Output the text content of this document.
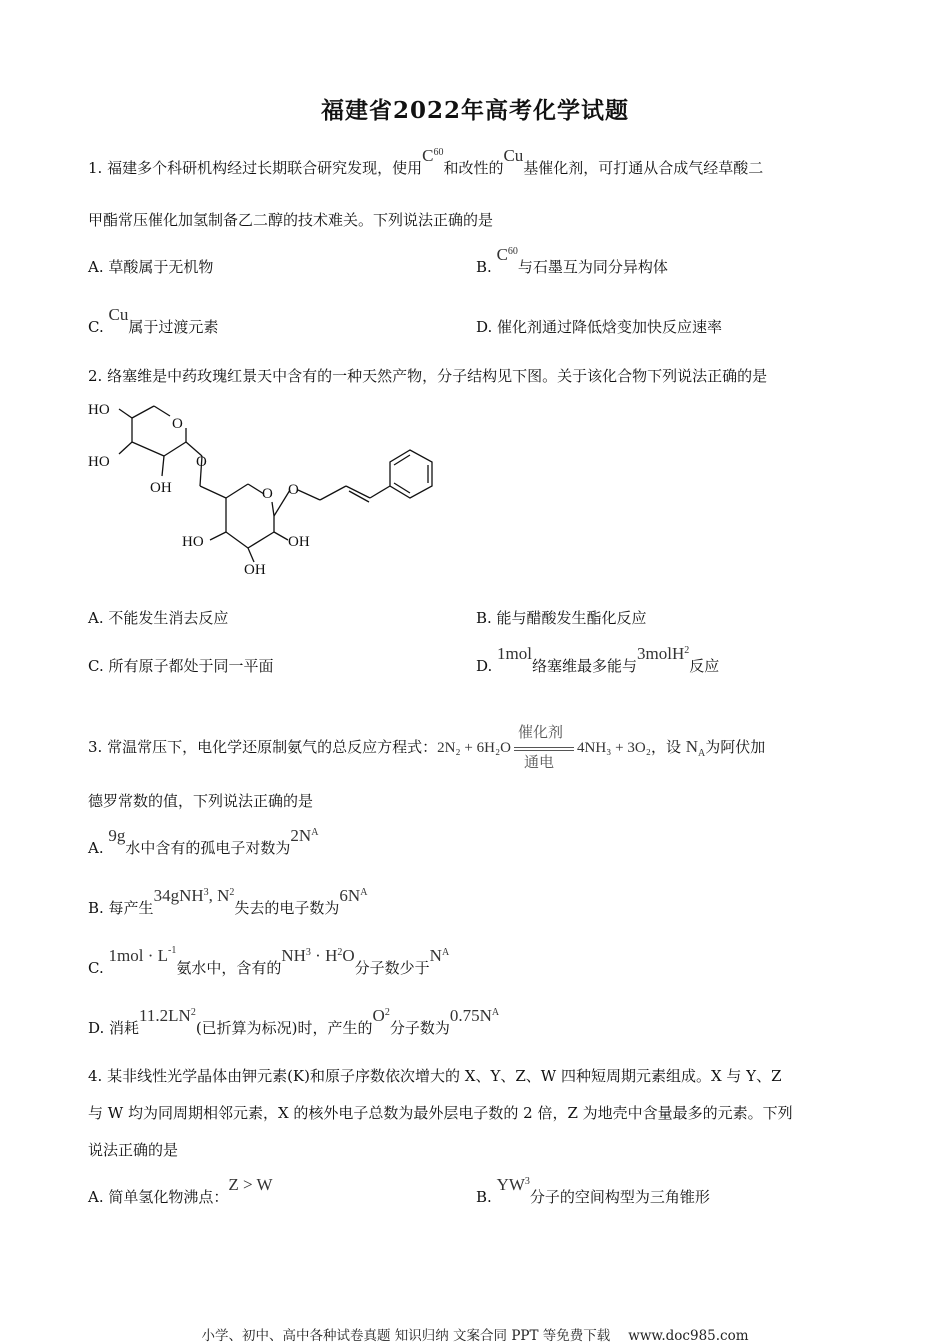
福建省2022年高考化学试题
1. 福建多个科研机构经过长期联合研究发现，使用$C^{60}$和改性的Cu基催化剂，可打通从合成气经草酸二
甲酯常压催化加氢制备乙二醇的技术难关。下列说法正确的是
A. 草酸属于无机物	B. $C^{60}$与石墨互为同分异构体
C. Cu属于过渡元素	D. 催化剂通过降低焓变加快反应速率
2. 络塞维是中药玫瑰红景天中含有的一种天然产物，分子结构见下图。关于该化合物下列说法正确的是
HO
HO
OH
O
O
O O
HO	OH
OH
A. 不能发生消去反应	B. 能与醋酸发生酯化反应
C. 所有原子都处于同一平面	D. 1mol络塞维最多能与3molH$^2$反应
3. 常温常压下，电化学还原制氨气的总反应方程式：2N₂ + 6H₂O
催化剂
通电
4NH₃ + 3O₂，设 $N_A$为阿伏加
德罗常数的值，下列说法正确的是
A. 9g水中含有的孤电子对数为$2N^A$
B. 每产生34gNH$^3$, $N^2$失去的电子数为$6N^A$
C. $1mol \cdot L^{-1}$氨水中，含有的$NH^3 \cdot H^2O$分子数少于$N^A$
D. 消耗$11.2LN^2$(已折算为标况)时，产生的$O^2$分子数为$0.75N^A$
4. 某非线性光学晶体由钾元素(K)和原子序数依次增大的 X、Y、Z、W 四种短周期元素组成。X 与 Y、Z
与 W 均为同周期相邻元素，X 的核外电子总数为最外层电子数的 2 倍，Z 为地壳中含量最多的元素。下列
说法正确的是
A. 简单氢化物沸点：Z > W
B. $YW^3$分子的空间构型为三角锥形
小学、初中、高中各种试卷真题 知识归纳 文案合同 PPT 等免费下载 www.doc985.com
